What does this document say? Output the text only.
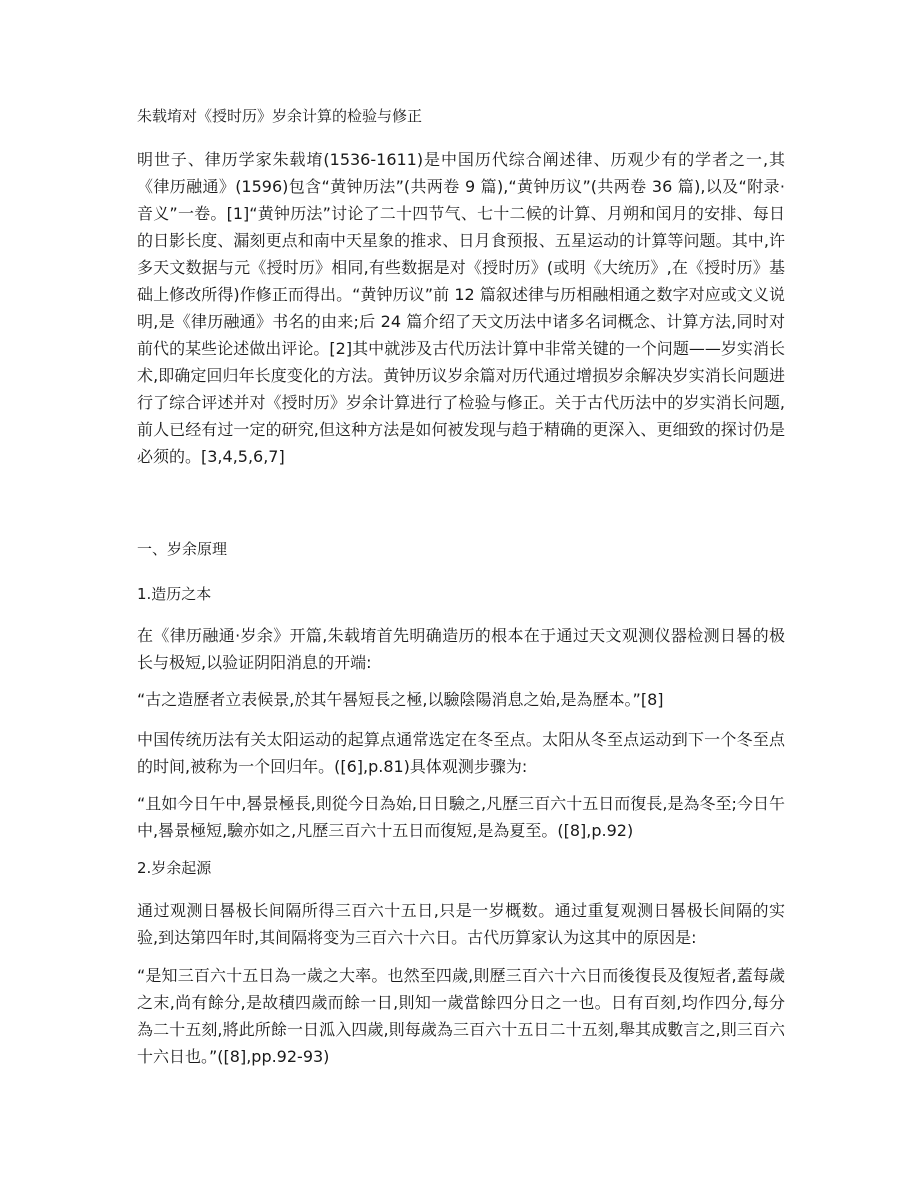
朱载堉对《授时历》岁余计算的检验与修正

明世子、律历学家朱载堉(1536-1611)是中国历代综合阐述律、历观少有的学者之一,其《律历融通》(1596)包含“黄钟历法”(共两卷 9 篇),“黄钟历议”(共两卷 36 篇),以及“附录·音义”一卷。[1]“黄钟历法”讨论了二十四节气、七十二候的计算、月朔和闰月的安排、每日的日影长度、漏刻更点和南中天星象的推求、日月食预报、五星运动的计算等问题。其中,许多天文数据与元《授时历》相同,有些数据是对《授时历》(或明《大统历》,在《授时历》基础上修改所得)作修正而得出。“黄钟历议”前 12 篇叙述律与历相融相通之数字对应或文义说明,是《律历融通》书名的由来;后 24 篇介绍了天文历法中诸多名词概念、计算方法,同时对前代的某些论述做出评论。[2]其中就涉及古代历法计算中非常关键的一个问题——岁实消长术,即确定回归年长度变化的方法。黄钟历议岁余篇对历代通过增损岁余解决岁实消长问题进行了综合评述并对《授时历》岁余计算进行了检验与修正。关于古代历法中的岁实消长问题,前人已经有过一定的研究,但这种方法是如何被发现与趋于精确的更深入、更细致的探讨仍是必须的。[3,4,5,6,7]

一、岁余原理
1.造历之本

在《律历融通·岁余》开篇,朱载堉首先明确造历的根本在于通过天文观测仪器检测日晷的极长与极短,以验证阴阳消息的开端:

“古之造歷者立表候景,於其午晷短長之極,以驗陰陽消息之始,是為歷本。”[8]

中国传统历法有关太阳运动的起算点通常选定在冬至点。太阳从冬至点运动到下一个冬至点的时间,被称为一个回归年。([6],p.81)具体观测步骤为:

“且如今日午中,晷景極長,則從今日為始,日日驗之,凡歷三百六十五日而復長,是為冬至;今日午中,晷景極短,驗亦如之,凡歷三百六十五日而復短,是為夏至。([8],p.92)

2.岁余起源

通过观测日晷极长间隔所得三百六十五日,只是一岁概数。通过重复观测日晷极长间隔的实验,到达第四年时,其间隔将变为三百六十六日。古代历算家认为这其中的原因是:

“是知三百六十五日為一歲之大率。也然至四歲,則歷三百六十六日而後復長及復短者,蓋每歲之末,尚有餘分,是故積四歲而餘一日,則知一歲當餘四分日之一也。日有百刻,均作四分,每分為二十五刻,將此所餘一日泒入四歲,則每歲為三百六十五日二十五刻,舉其成數言之,則三百六十六日也。”([8],pp.92-93)
